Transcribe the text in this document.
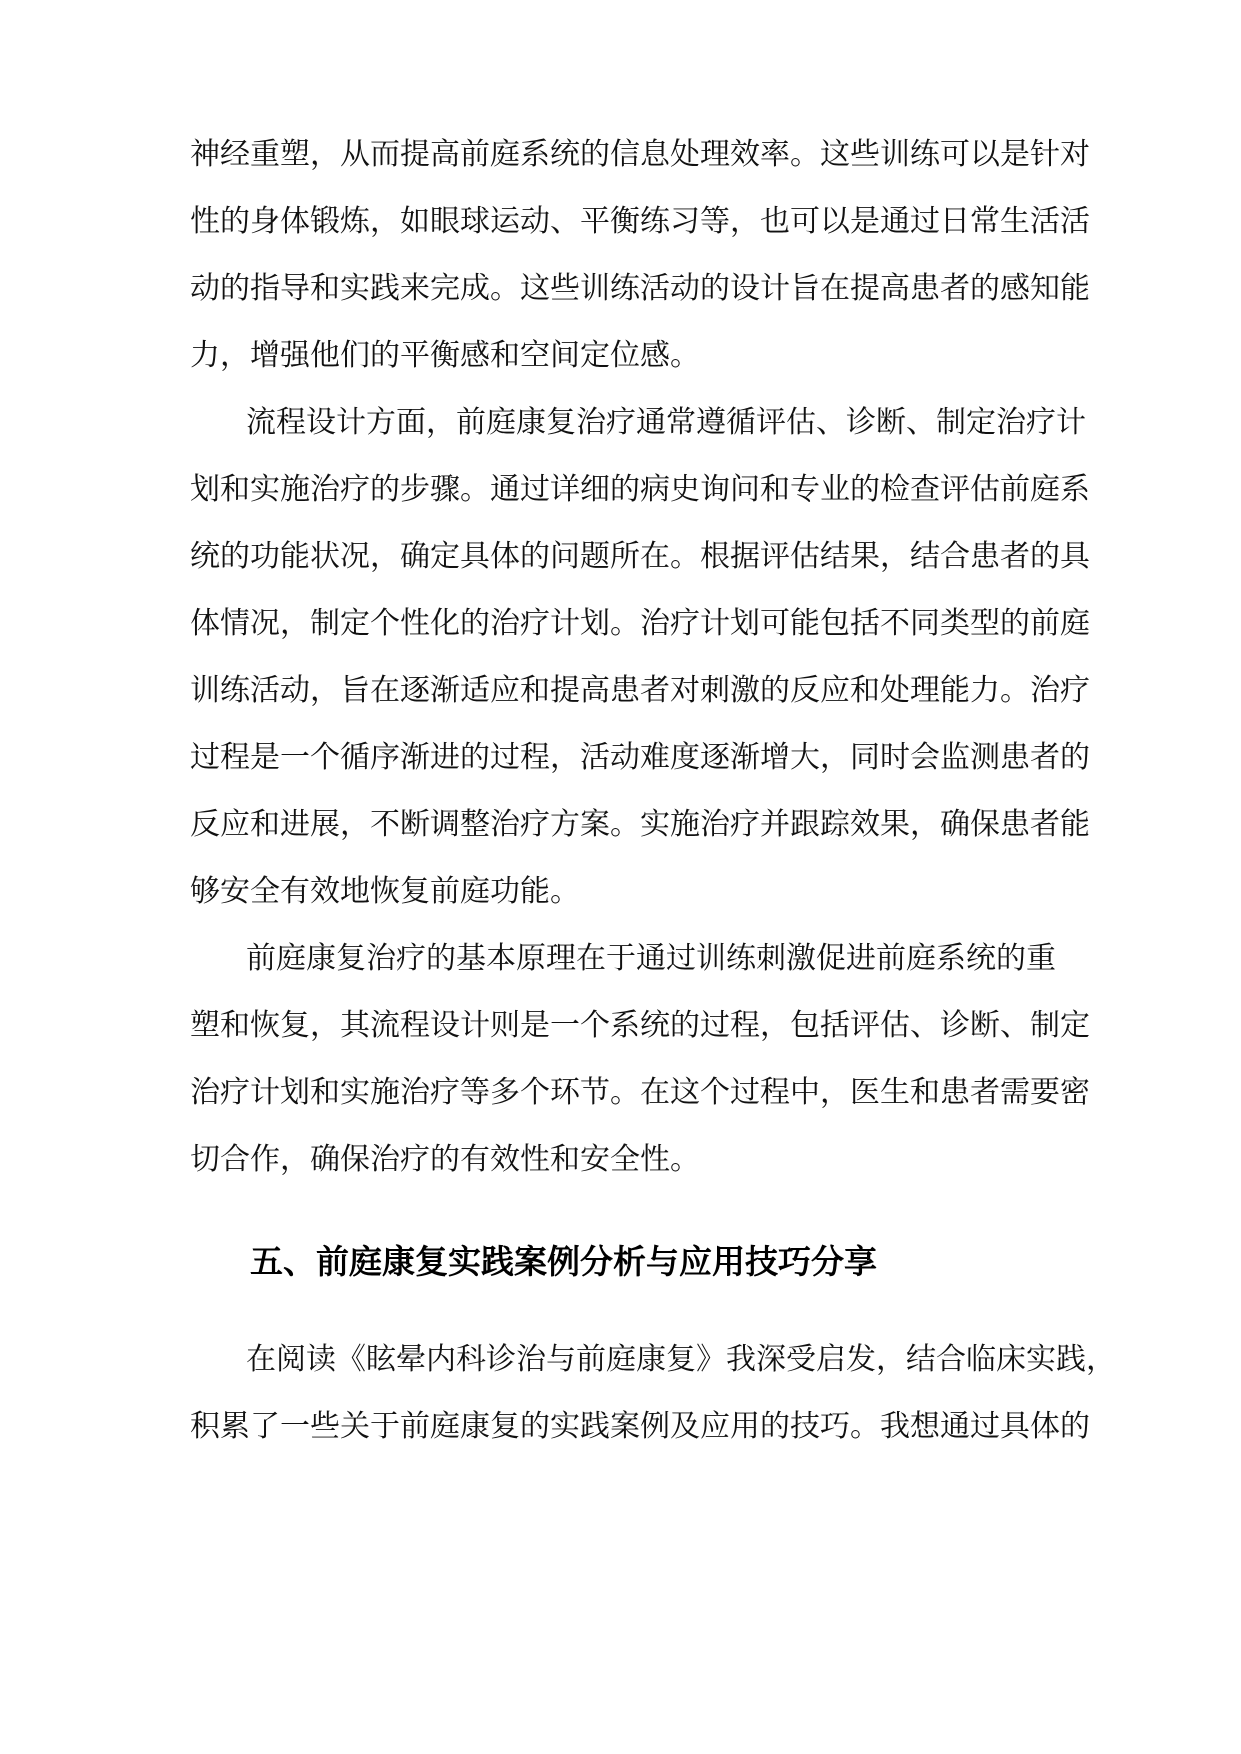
神经重塑，从而提高前庭系统的信息处理效率。这些训练可以是针对
性的身体锻炼，如眼球运动、平衡练习等，也可以是通过日常生活活
动的指导和实践来完成。这些训练活动的设计旨在提高患者的感知能
力，增强他们的平衡感和空间定位感。
流程设计方面，前庭康复治疗通常遵循评估、诊断、制定治疗计
划和实施治疗的步骤。通过详细的病史询问和专业的检查评估前庭系
统的功能状况，确定具体的问题所在。根据评估结果，结合患者的具
体情况，制定个性化的治疗计划。治疗计划可能包括不同类型的前庭
训练活动，旨在逐渐适应和提高患者对刺激的反应和处理能力。治疗
过程是一个循序渐进的过程，活动难度逐渐增大，同时会监测患者的
反应和进展，不断调整治疗方案。实施治疗并跟踪效果，确保患者能
够安全有效地恢复前庭功能。
前庭康复治疗的基本原理在于通过训练刺激促进前庭系统的重
塑和恢复，其流程设计则是一个系统的过程，包括评估、诊断、制定
治疗计划和实施治疗等多个环节。在这个过程中，医生和患者需要密
切合作，确保治疗的有效性和安全性。
五、前庭康复实践案例分析与应用技巧分享
在阅读《眩晕内科诊治与前庭康复》我深受启发，结合临床实践，
积累了一些关于前庭康复的实践案例及应用的技巧。我想通过具体的
